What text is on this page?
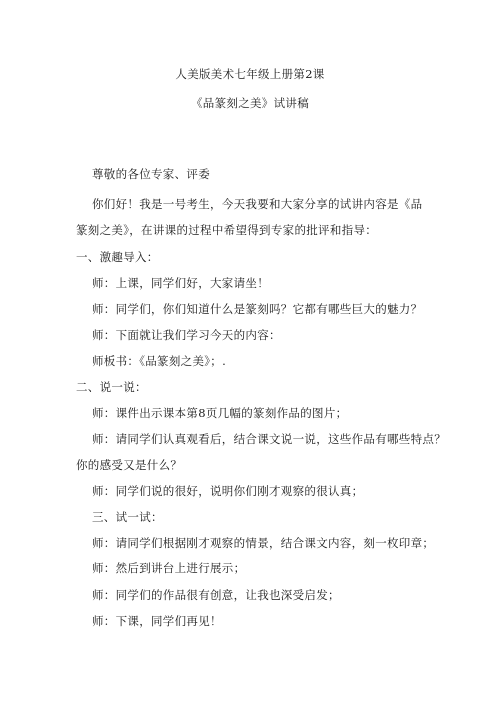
人美版美术七年级上册第2课
《品篆刻之美》试讲稿
尊敬的各位专家、评委
你们好！我是一号考生，今天我要和大家分享的试讲内容是《品
篆刻之美》，在讲课的过程中希望得到专家的批评和指导：
一、激趣导入：
师：上课，同学们好，大家请坐！
师：同学们，你们知道什么是篆刻吗？它都有哪些巨大的魅力？
师：下面就让我们学习今天的内容：
师板书：《品篆刻之美》；.
二、说一说：
师：课件出示课本第8页几幅的篆刻作品的图片；
师：请同学们认真观看后，结合课文说一说，这些作品有哪些特点？
你的感受又是什么？
师：同学们说的很好，说明你们刚才观察的很认真；
三、试一试：
师：请同学们根据刚才观察的情景，结合课文内容，刻一枚印章；
师：然后到讲台上进行展示；
师：同学们的作品很有创意，让我也深受启发；
师：下课，同学们再见！
